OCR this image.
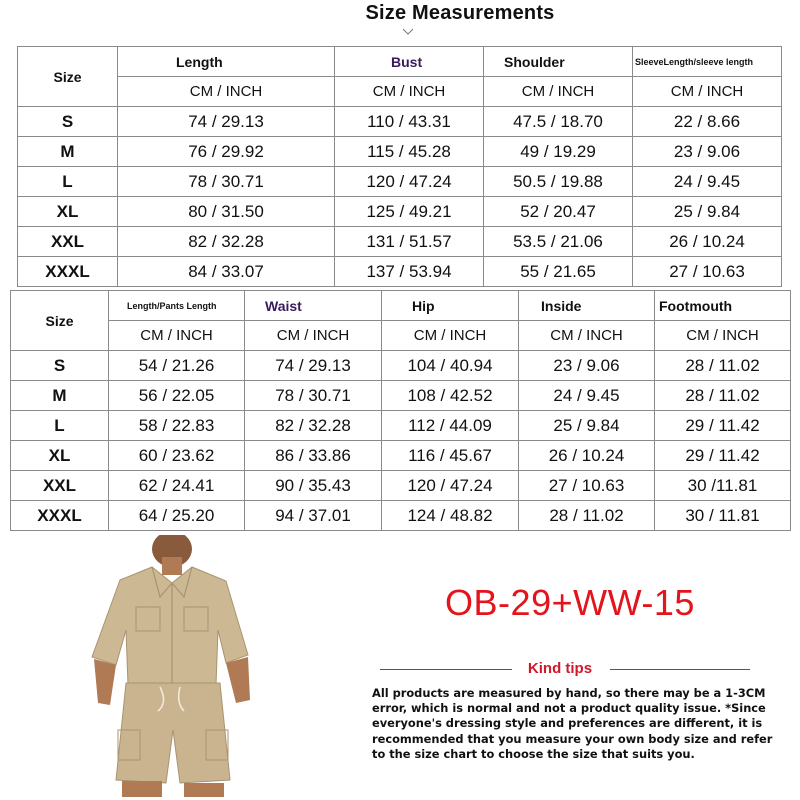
Size Measurements
Size	Length	Bust	Shoulder	SleeveLength/sleeve length
	CM / INCH	CM / INCH	CM / INCH	CM / INCH
S	74 / 29.13	110 / 43.31	47.5 / 18.70	22 / 8.66
M	76 / 29.92	115 / 45.28	49 / 19.29	23 / 9.06
L	78 / 30.71	120 / 47.24	50.5 / 19.88	24 / 9.45
XL	80 / 31.50	125 / 49.21	52 / 20.47	25 / 9.84
XXL	82 / 32.28	131 / 51.57	53.5 / 21.06	26 / 10.24
XXXL	84 / 33.07	137 / 53.94	55 / 21.65	27 / 10.63
Size	Length/Pants Length	Waist	Hip	Inside	Footmouth
	CM / INCH	CM / INCH	CM / INCH	CM / INCH	CM / INCH
S	54 / 21.26	74 / 29.13	104 / 40.94	23 / 9.06	28 / 11.02
M	56 / 22.05	78 / 30.71	108 / 42.52	24 / 9.45	28 / 11.02
L	58 / 22.83	82 / 32.28	112 / 44.09	25 / 9.84	29 / 11.42
XL	60 / 23.62	86 / 33.86	116 / 45.67	26 / 10.24	29 / 11.42
XXL	62 / 24.41	90 / 35.43	120 / 47.24	27 / 10.63	30 /11.81
XXXL	64 / 25.20	94 / 37.01	124 / 48.82	28 / 11.02	30 / 11.81
OB-29+WW-15
Kind tips
All products are measured by hand, so there may be a 1-3CM
error, which is normal and not a product quality issue. *Since
everyone's dressing style and preferences are different, it is
recommended that you measure your own body size and refer
to the size chart to choose the size that suits you.
